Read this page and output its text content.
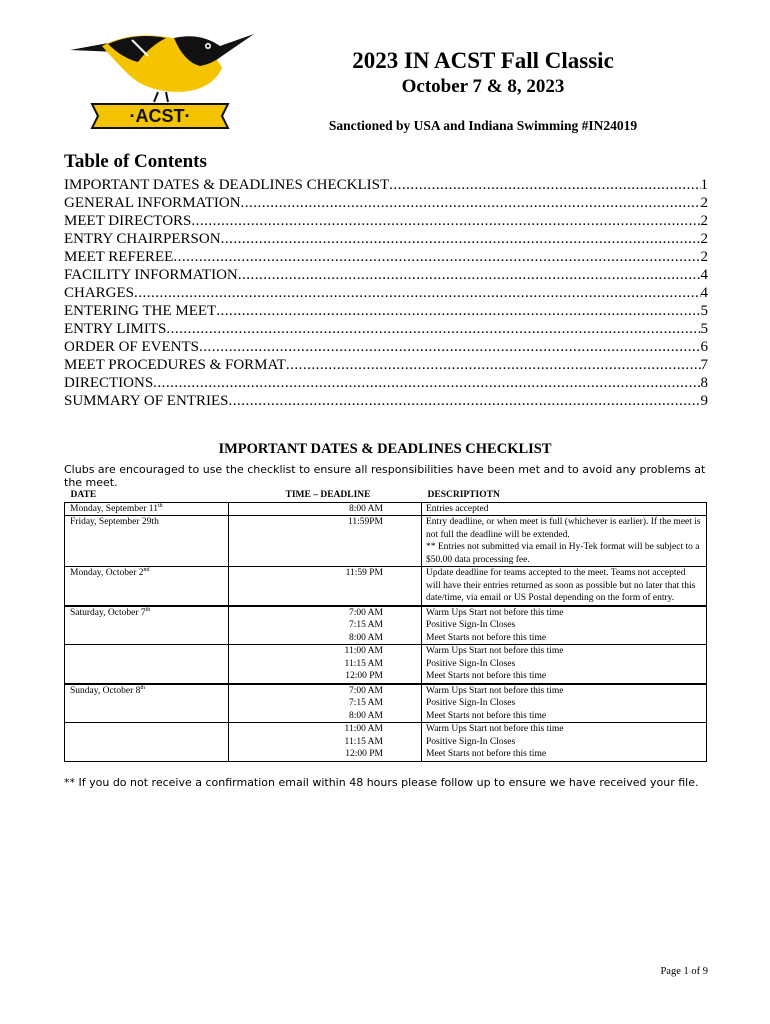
·ACST·
2023 IN ACST Fall Classic
October 7 & 8, 2023
Sanctioned by USA and Indiana Swimming #IN24019
Table of Contents
IMPORTANT DATES & DEADLINES CHECKLIST .....	1
GENERAL INFORMATION .....	2
MEET DIRECTORS .....	2
ENTRY CHAIRPERSON .....	2
MEET REFEREE .....	2
FACILITY INFORMATION .....	4
CHARGES .....	4
ENTERING THE MEET .....	5
ENTRY LIMITS .....	5
ORDER OF EVENTS .....	6
MEET PROCEDURES & FORMAT .....	7
DIRECTIONS .....	8
SUMMARY OF ENTRIES .....	9
IMPORTANT DATES & DEADLINES CHECKLIST
Clubs are encouraged to use the checklist to ensure all responsibilities have been met and to avoid any problems at the meet.
DATE	TIME – DEADLINE	DESCRIPTIOTN
Monday, September 11th	8:00 AM	Entries accepted
Friday, September 29th	11:59PM	Entry deadline, or when meet is full (whichever is earlier). If the meet is not full the deadline will be extended.
** Entries not submitted via email in Hy-Tek format will be subject to a $50.00 data processing fee.
Monday, October 2nd	11:59 PM	Update deadline for teams accepted to the meet. Teams not accepted will have their entries returned as soon as possible but no later that this date/time, via email or US Postal depending on the form of entry.
Saturday, October 7th	7:00 AM	Warm Ups Start not before this time
	7:15 AM	Positive Sign-In Closes
	8:00 AM	Meet Starts not before this time
	11:00 AM	Warm Ups Start not before this time
	11:15 AM	Positive Sign-In Closes
	12:00 PM	Meet Starts not before this time
Sunday, October 8th	7:00 AM	Warm Ups Start not before this time
	7:15 AM	Positive Sign-In Closes
	8:00 AM	Meet Starts not before this time
	11:00 AM	Warm Ups Start not before this time
	11:15 AM	Positive Sign-In Closes
	12:00 PM	Meet Starts not before this time
** If you do not receive a confirmation email within 48 hours please follow up to ensure we have received your file.
Page 1 of 9
